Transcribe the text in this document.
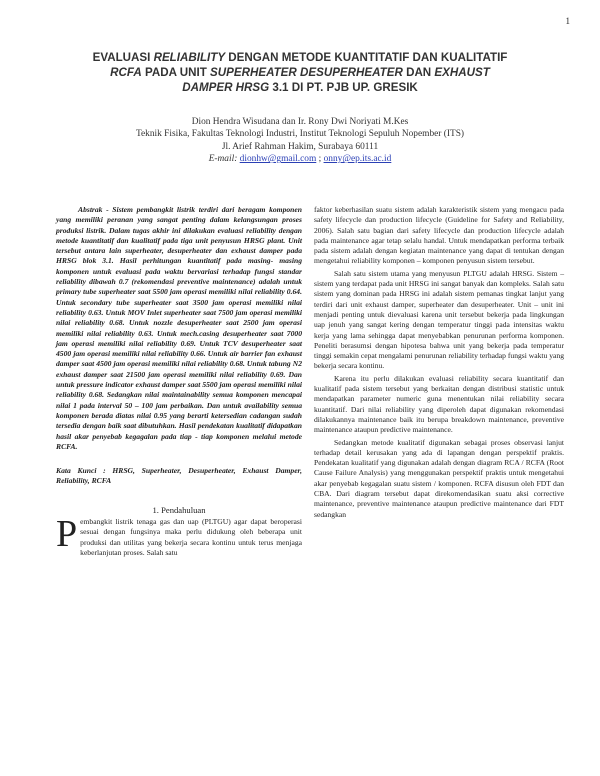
1
EVALUASI RELIABILITY DENGAN METODE KUANTITATIF DAN KUALITATIF
RCFA PADA UNIT SUPERHEATER DESUPERHEATER DAN EXHAUST
DAMPER HRSG 3.1 DI PT. PJB UP. GRESIK
Dion Hendra Wisudana dan Ir. Rony Dwi Noriyati M.Kes
Teknik Fisika, Fakultas Teknologi Industri, Institut Teknologi Sepuluh Nopember (ITS)
Jl. Arief Rahman Hakim, Surabaya 60111
E-mail: dionhw@gmail.com ; onny@ep.its.ac.id

Abstrak - Sistem pembangkit listrik terdiri dari beragam komponen yang memiliki peranan yang sangat penting dalam kelangsungan proses produksi listrik. Dalam tugas akhir ini dilakukan evaluasi reliability dengan metode kuantitatif dan kualitatif pada tiga unit penyusun HRSG plant. Unit tersebut antara lain superheater, desuperheater dan exhaust damper pada HRSG blok 3.1. Hasil perhitungan kuantitatif pada masing- masing komponen untuk evaluasi pada waktu bervariasi terhadap fungsi standar reliability dibawah 0.7 (rekomendasi preventive maintenance) adalah untuk primary tube superheater saat 5500 jam operasi memiliki nilai reliability 0.64. Untuk secondary tube superheater saat 3500 jam operasi memiliki nilai reliability 0.63. Untuk MOV Inlet superheater saat 7500 jam operasi memiliki nilai reliability 0.68. Untuk nozzle desuperheater saat 2500 jam operasi memiliki nilai reliability 0.63. Untuk mech.casing desuperheater saat 7000 jam operasi memiliki nilai reliability 0.69. Untuk TCV desuperheater saat 4500 jam operasi memiliki nilai reliability 0.66. Untuk air barrier fan exhaust damper saat 4500 jam operasi memiliki nilai reliability 0.68. Untuk tabung N2 exhaust damper saat 21500 jam operasi memiliki nilai reliability 0.69. Dan untuk pressure indicator exhaust damper saat 5500 jam operasi memiliki nilai reliability 0.68. Sedangkan nilai maintainability semua komponen mencapai nilai 1 pada interval 50 – 100 jam perbaikan. Dan untuk availability semua komponen berada diatas nilai 0.95 yang berarti ketersedian cadangan sudah tersedia dengan baik saat dibutuhkan. Hasil pendekatan kualitatif didapatkan hasil akar penyebab kegagalan pada tiap - tiap komponen melalui metode RCFA.

Kata Kunci : HRSG, Superheater, Desuperheater, Exhaust Damper, Reliability, RCFA

1. Pendahuluan

Pembangkit listrik tenaga gas dan uap (PLTGU) agar dapat beroperasi sesuai dengan fungsinya maka perlu didukung oleh beberapa unit produksi dan utilitas yang bekerja secara kontinu untuk terus menjaga keberlanjutan proses. Salah satu

faktor keberhasilan suatu sistem adalah karakteristik sistem yang mengacu pada safety lifecycle dan production lifecycle (Guideline for Safety and Reliability, 2006). Salah satu bagian dari safety lifecycle dan production lifecycle adalah pada maintenance agar tetap selalu handal. Untuk mendapatkan performa terbaik pada sistem adalah dengan kegiatan maintenance yang dapat di tentukan dengan mengetahui reliability komponen – komponen penyusun sistem tersebut.

Salah satu sistem utama yang menyusun PLTGU adalah HRSG. Sistem – sistem yang terdapat pada unit HRSG ini sangat banyak dan kompleks. Salah satu sistem yang dominan pada HRSG ini adalah sistem pemanas tingkat lanjut yang terdiri dari unit exhaust damper, superheater dan desuperheater. Unit – unit ini menjadi penting untuk dievaluasi karena unit tersebut bekerja pada lingkungan uap jenuh yang sangat kering dengan temperatur tinggi pada intensitas waktu kerja yang lama sehingga dapat menyebabkan penurunan performa komponen. Peneliti berasumsi dengan hipotesa bahwa unit yang bekerja pada temperatur tinggi semakin cepat mengalami penurunan reliability terhadap fungsi waktu yang bekerja secara kontinu.

Karena itu perlu dilakukan evaluasi reliability secara kuantitatif dan kualitatif pada sistem tersebut yang berkaitan dengan distribusi statistic untuk mendapatkan parameter numeric guna menentukan nilai reliability secara kuantitatif. Dari nilai reliability yang diperoleh dapat digunakan rekomendasi dilakukannya maintenance baik itu berupa breakdown maintenance, preventive maintenance ataupun predictive maintenance.

Sedangkan metode kualitatif digunakan sebagai proses observasi lanjut terhadap detail kerusakan yang ada di lapangan dengan perspektif praktis. Pendekatan kualitatif yang digunakan adalah dengan diagram RCA / RCFA (Root Cause Failure Analysis) yang menggunakan perspektif praktis untuk mengetahui akar penyebab kegagalan suatu sistem / komponen. RCFA disusun oleh FDT dan CBA. Dari diagram tersebut dapat direkomendasikan suatu aksi corrective maintenance, preventive maintenance ataupun predictive maintenance dari FDT sedangkan
